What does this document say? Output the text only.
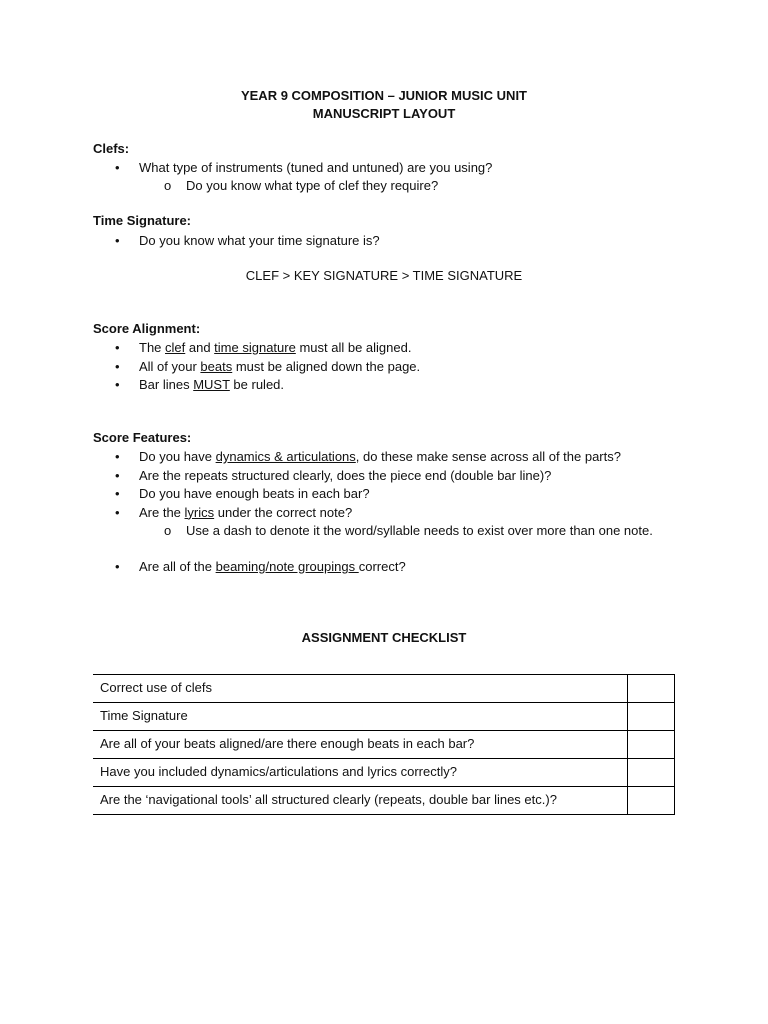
YEAR 9 COMPOSITION – JUNIOR MUSIC UNIT
MANUSCRIPT LAYOUT
Clefs:
• What type of instruments (tuned and untuned) are you using?
o Do you know what type of clef they require?
Time Signature:
• Do you know what your time signature is?
CLEF > KEY SIGNATURE > TIME SIGNATURE
Score Alignment:
• The clef and time signature must all be aligned.
• All of your beats must be aligned down the page.
• Bar lines MUST be ruled.
Score Features:
• Do you have dynamics & articulations, do these make sense across all of the parts?
• Are the repeats structured clearly, does the piece end (double bar line)?
• Do you have enough beats in each bar?
• Are the lyrics under the correct note?
o Use a dash to denote it the word/syllable needs to exist over more than one note.
• Are all of the beaming/note groupings correct?
ASSIGNMENT CHECKLIST
Correct use of clefs	
Time Signature	
Are all of your beats aligned/are there enough beats in each bar?	
Have you included dynamics/articulations and lyrics correctly?	
Are the ‘navigational tools’ all structured clearly (repeats, double bar lines etc.)?	
